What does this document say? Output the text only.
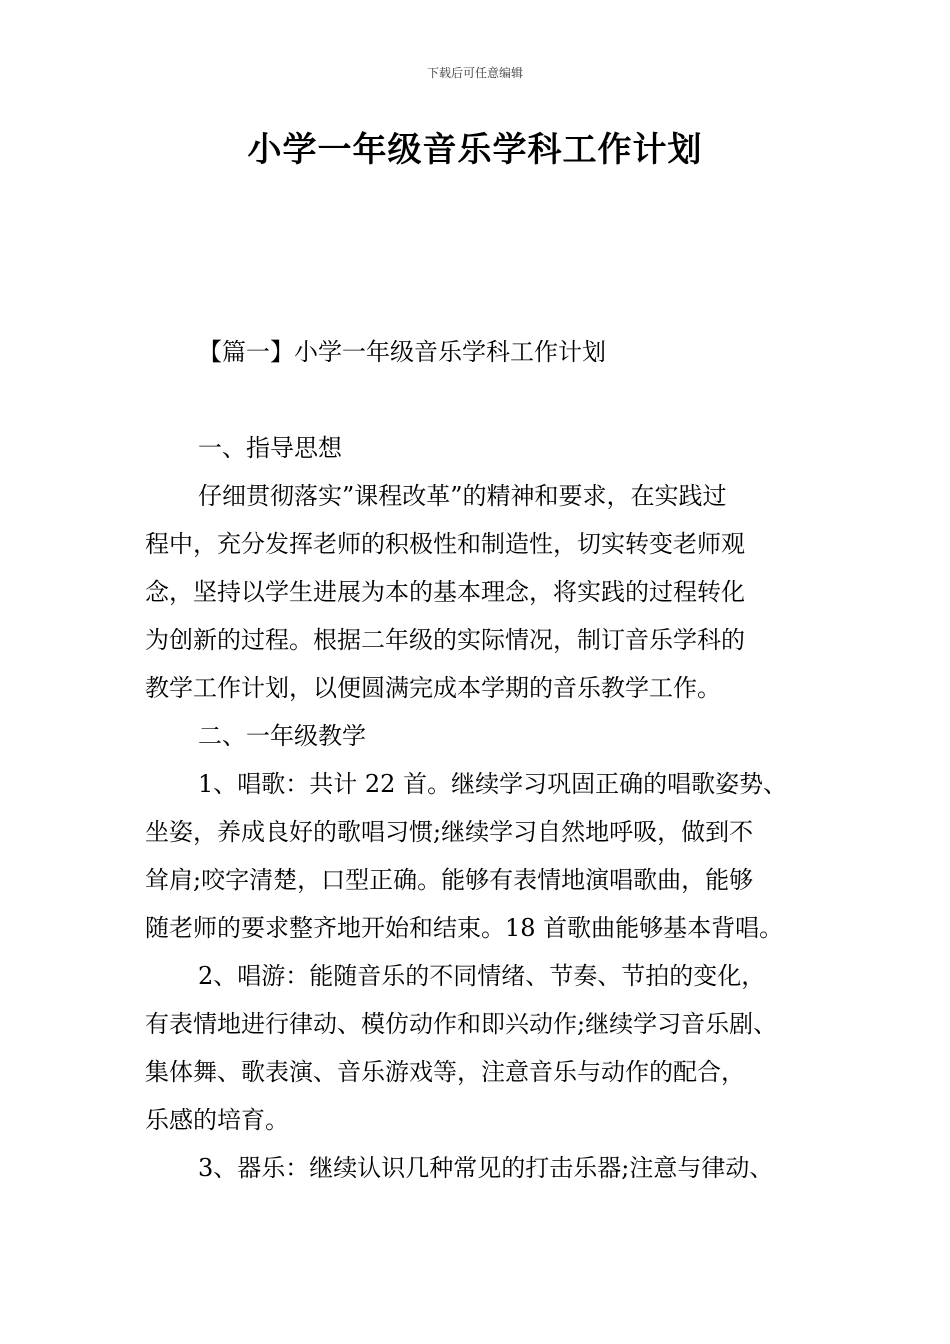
下载后可任意编辑
小学一年级音乐学科工作计划

【篇一】小学一年级音乐学科工作计划

一、指导思想

仔细贯彻落实”课程改革”的精神和要求，在实践过

程中，充分发挥老师的积极性和制造性，切实转变老师观

念，坚持以学生进展为本的基本理念，将实践的过程转化

为创新的过程。根据二年级的实际情况，制订音乐学科的

教学工作计划，以便圆满完成本学期的音乐教学工作。

二、一年级教学

1、唱歌：共计 22 首。继续学习巩固正确的唱歌姿势、

坐姿，养成良好的歌唱习惯;继续学习自然地呼吸，做到不

耸肩;咬字清楚，口型正确。能够有表情地演唱歌曲，能够

随老师的要求整齐地开始和结束。18 首歌曲能够基本背唱。

2、唱游：能随音乐的不同情绪、节奏、节拍的变化，

有表情地进行律动、模仿动作和即兴动作;继续学习音乐剧、

集体舞、歌表演、音乐游戏等，注意音乐与动作的配合，

乐感的培育。

3、器乐：继续认识几种常见的打击乐器;注意与律动、
